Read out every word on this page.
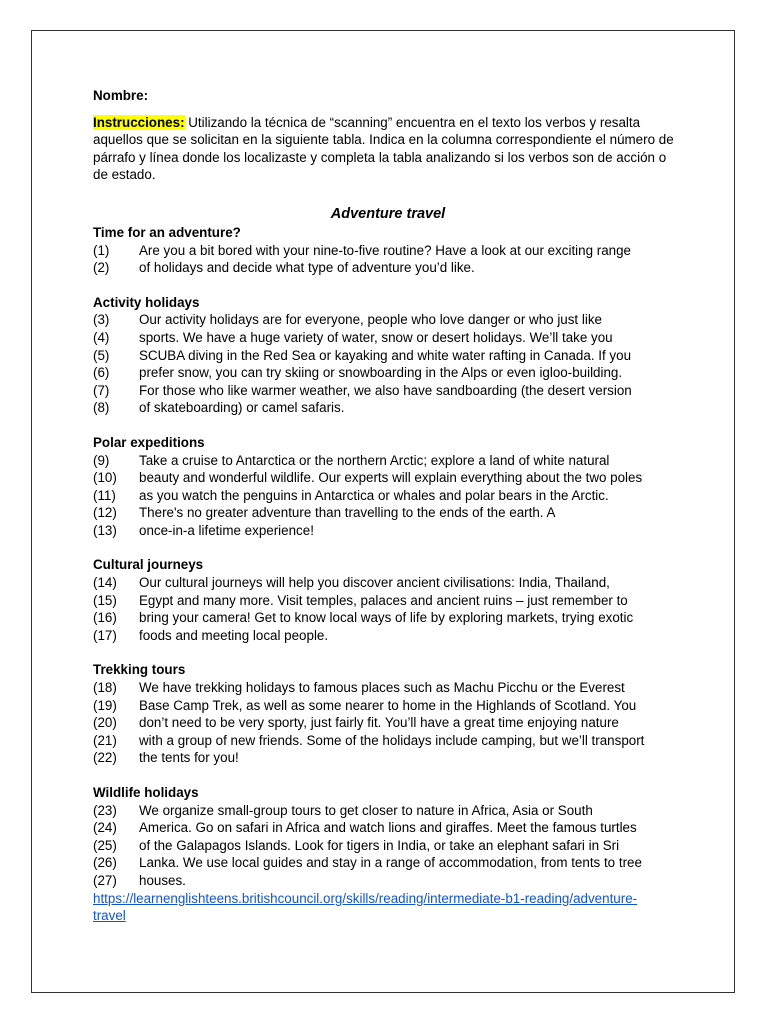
Nombre:

Instrucciones: Utilizando la técnica de “scanning” encuentra en el texto los verbos y resalta aquellos que se solicitan en la siguiente tabla. Indica en la columna correspondiente el número de párrafo y línea donde los localizaste y completa la tabla analizando si los verbos son de acción o de estado.

Adventure travel

Time for an adventure?

(1)	Are you a bit bored with your nine-to-five routine? Have a look at our exciting range
(2)	of holidays and decide what type of adventure you’d like.

Activity holidays

(3)	Our activity holidays are for everyone, people who love danger or who just like
(4)	sports. We have a huge variety of water, snow or desert holidays. We’ll take you
(5)	SCUBA diving in the Red Sea or kayaking and white water rafting in Canada. If you
(6)	prefer snow, you can try skiing or snowboarding in the Alps or even igloo-building.
(7)	For those who like warmer weather, we also have sandboarding (the desert version
(8)	of skateboarding) or camel safaris.

Polar expeditions

(9)	Take a cruise to Antarctica or the northern Arctic; explore a land of white natural
(10)	beauty and wonderful wildlife. Our experts will explain everything about the two poles
(11)	as you watch the penguins in Antarctica or whales and polar bears in the Arctic.
(12)	There's no greater adventure than travelling to the ends of the earth. A
(13)	once-in-a lifetime experience!

Cultural journeys

(14)	Our cultural journeys will help you discover ancient civilisations: India, Thailand,
(15)	Egypt and many more. Visit temples, palaces and ancient ruins – just remember to
(16)	bring your camera! Get to know local ways of life by exploring markets, trying exotic
(17)	foods and meeting local people.

Trekking tours

(18)	We have trekking holidays to famous places such as Machu Picchu or the Everest
(19)	Base Camp Trek, as well as some nearer to home in the Highlands of Scotland. You
(20)	don’t need to be very sporty, just fairly fit. You’ll have a great time enjoying nature
(21)	with a group of new friends. Some of the holidays include camping, but we’ll transport
(22)	the tents for you!

Wildlife holidays

(23)	We organize small-group tours to get closer to nature in Africa, Asia or South
(24)	America. Go on safari in Africa and watch lions and giraffes. Meet the famous turtles
(25)	of the Galapagos Islands. Look for tigers in India, or take an elephant safari in Sri
(26)	Lanka. We use local guides and stay in a range of accommodation, from tents to tree
(27)	houses.
https://learnenglishteens.britishcouncil.org/skills/reading/intermediate-b1-reading/adventure-
travel
